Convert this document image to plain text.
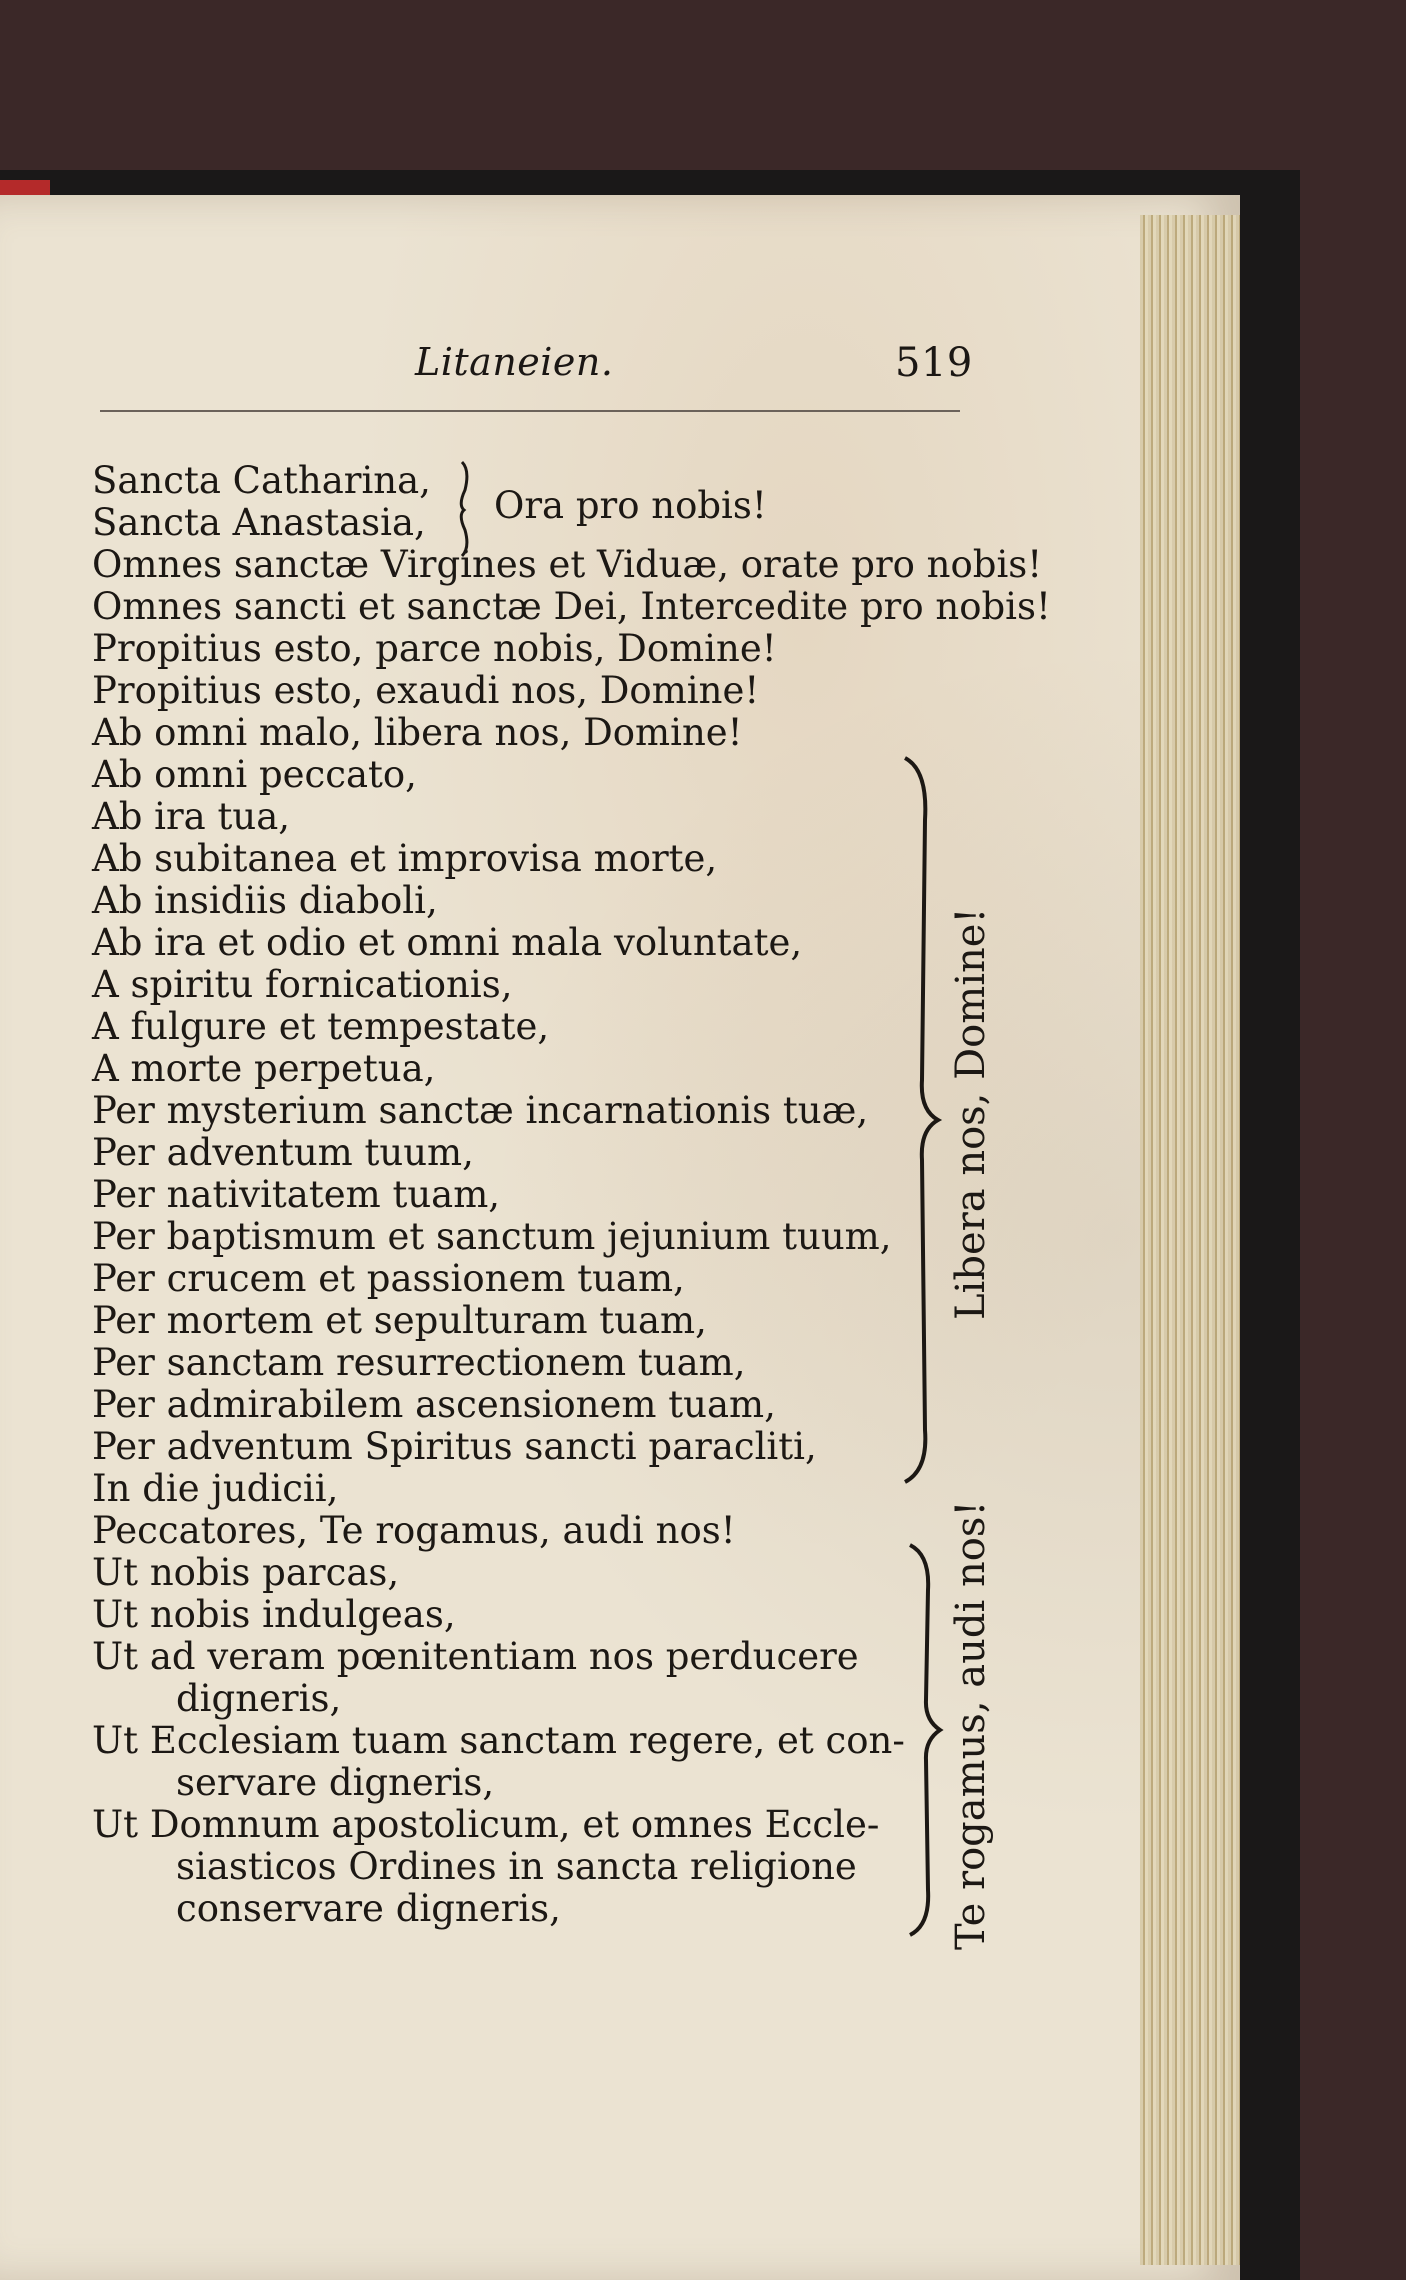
Litaneien.	519
Sancta Catharina,
Sancta Anastasia,
Omnes sanctæ Virgines et Viduæ, orate pro nobis!
Omnes sancti et sanctæ Dei, Intercedite pro nobis!
Propitius esto, parce nobis, Domine!
Propitius esto, exaudi nos, Domine!
Ab omni malo, libera nos, Domine!
Ab omni peccato,
Ab ira tua,
Ab subitanea et improvisa morte,
Ab insidiis diaboli,
Ab ira et odio et omni mala voluntate,
A spiritu fornicationis,
A fulgure et tempestate,
A morte perpetua,
Per mysterium sanctæ incarnationis tuæ,
Per adventum tuum,
Per nativitatem tuam,
Per baptismum et sanctum jejunium tuum,
Per crucem et passionem tuam,
Per mortem et sepulturam tuam,
Per sanctam resurrectionem tuam,
Per admirabilem ascensionem tuam,
Per adventum Spiritus sancti paracliti,
In die judicii,
Peccatores, Te rogamus, audi nos!
Ut nobis parcas,
Ut nobis indulgeas,
Ut ad veram pœnitentiam nos perducere
digneris,
Ut Ecclesiam tuam sanctam regere, et con-
servare digneris,
Ut Domnum apostolicum, et omnes Eccle-
siasticos Ordines in sancta religione
conservare digneris,
Ora pro nobis!
Libera nos, Domine!
Te rogamus, audi nos!
